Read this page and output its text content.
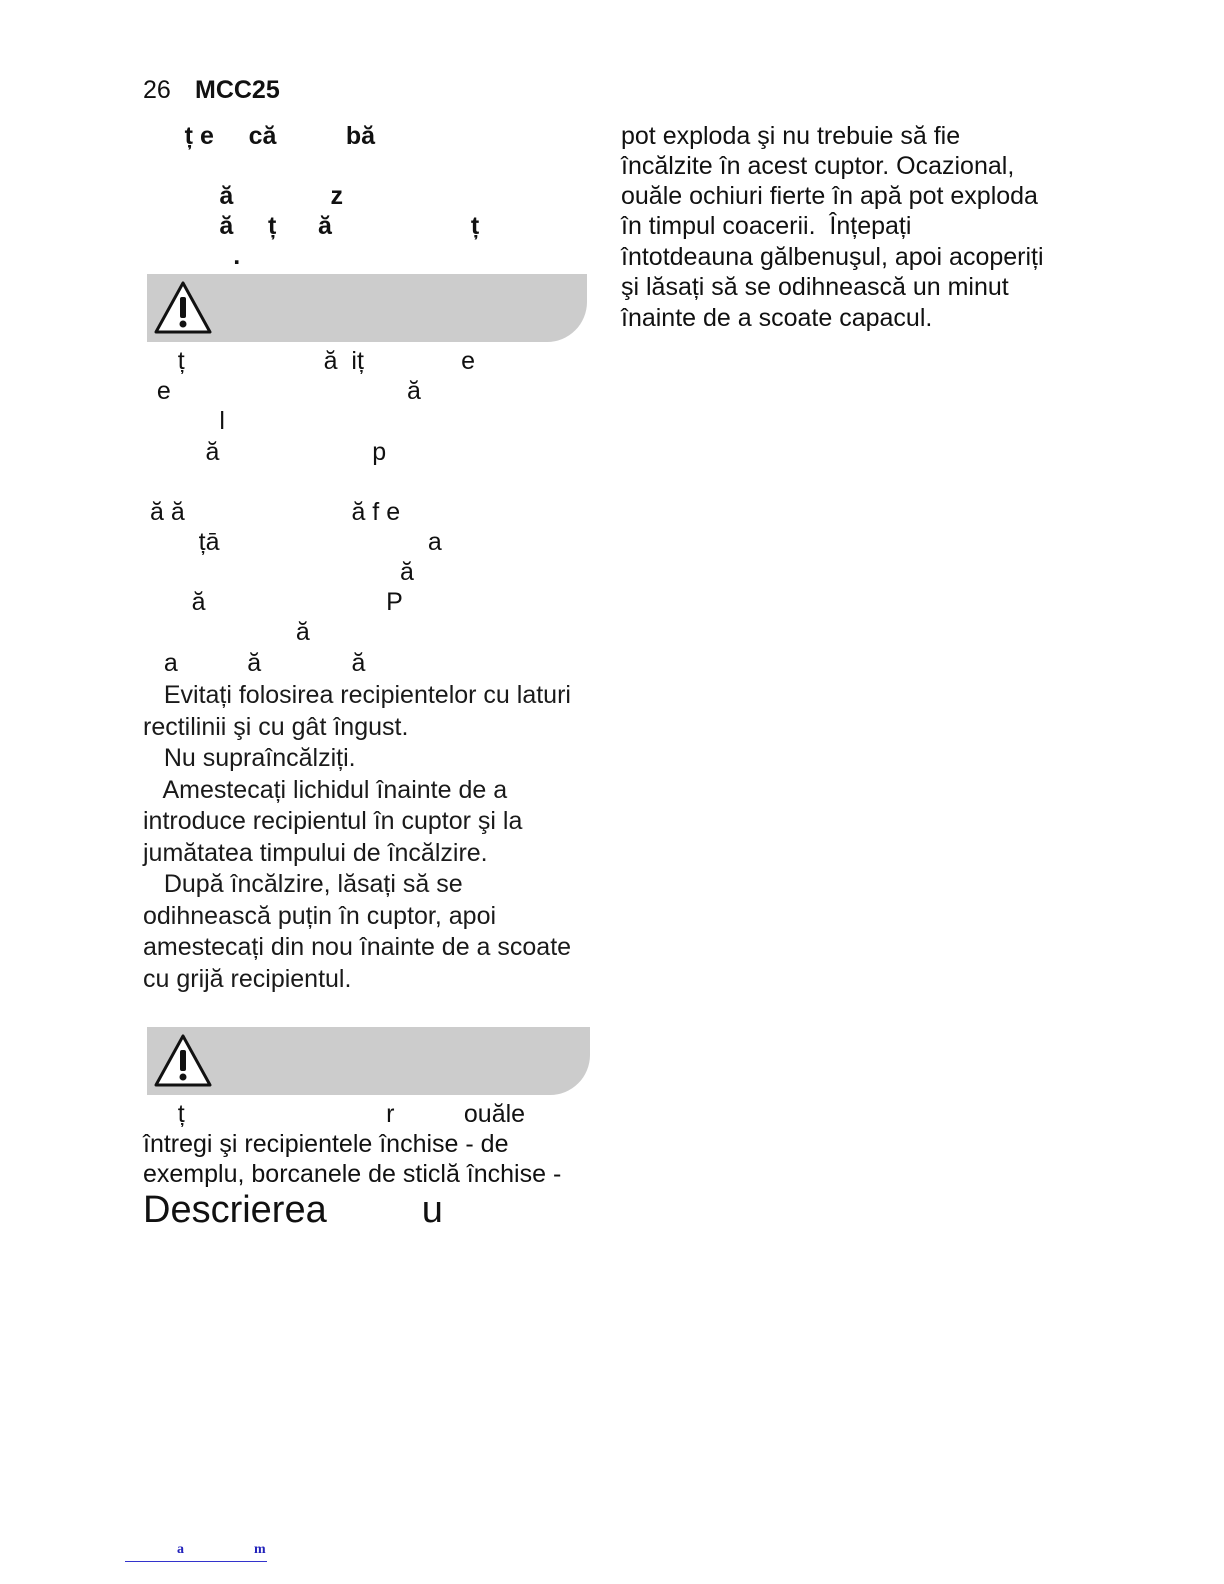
26 MCC25
ț e     că          bă
ă              z
ă     ț      ă                    ț
.
ț                    ă  iț              e
e                                  ă
l
ă                      p
ă ă                        ă f e
țā                              a
ă
ă                          P
ă
a          ă             ă
Evitați folosirea recipientelor cu laturi
rectilinii şi cu gât îngust.
Nu supraîncălziți.
Amestecați lichidul înainte de a
introduce recipientul în cuptor şi la
jumătatea timpului de încălzire.
După încălzire, lăsați să se
odihnească puțin în cuptor, apoi
amestecați din nou înainte de a scoate
cu grijă recipientul.
ț                             r          ouăle
întregi şi recipientele închise - de
exemplu, borcanele de sticlă închise -
Descrierea         u
pot exploda şi nu trebuie să fie
încălzite în acest cuptor. Ocazional,
ouăle ochiuri fierte în apă pot exploda
în timpul coacerii.  Înțepați
întotdeauna gălbenuşul, apoi acoperiți
şi lăsați să se odihnească un minut
înainte de a scoate capacul.
a	m
